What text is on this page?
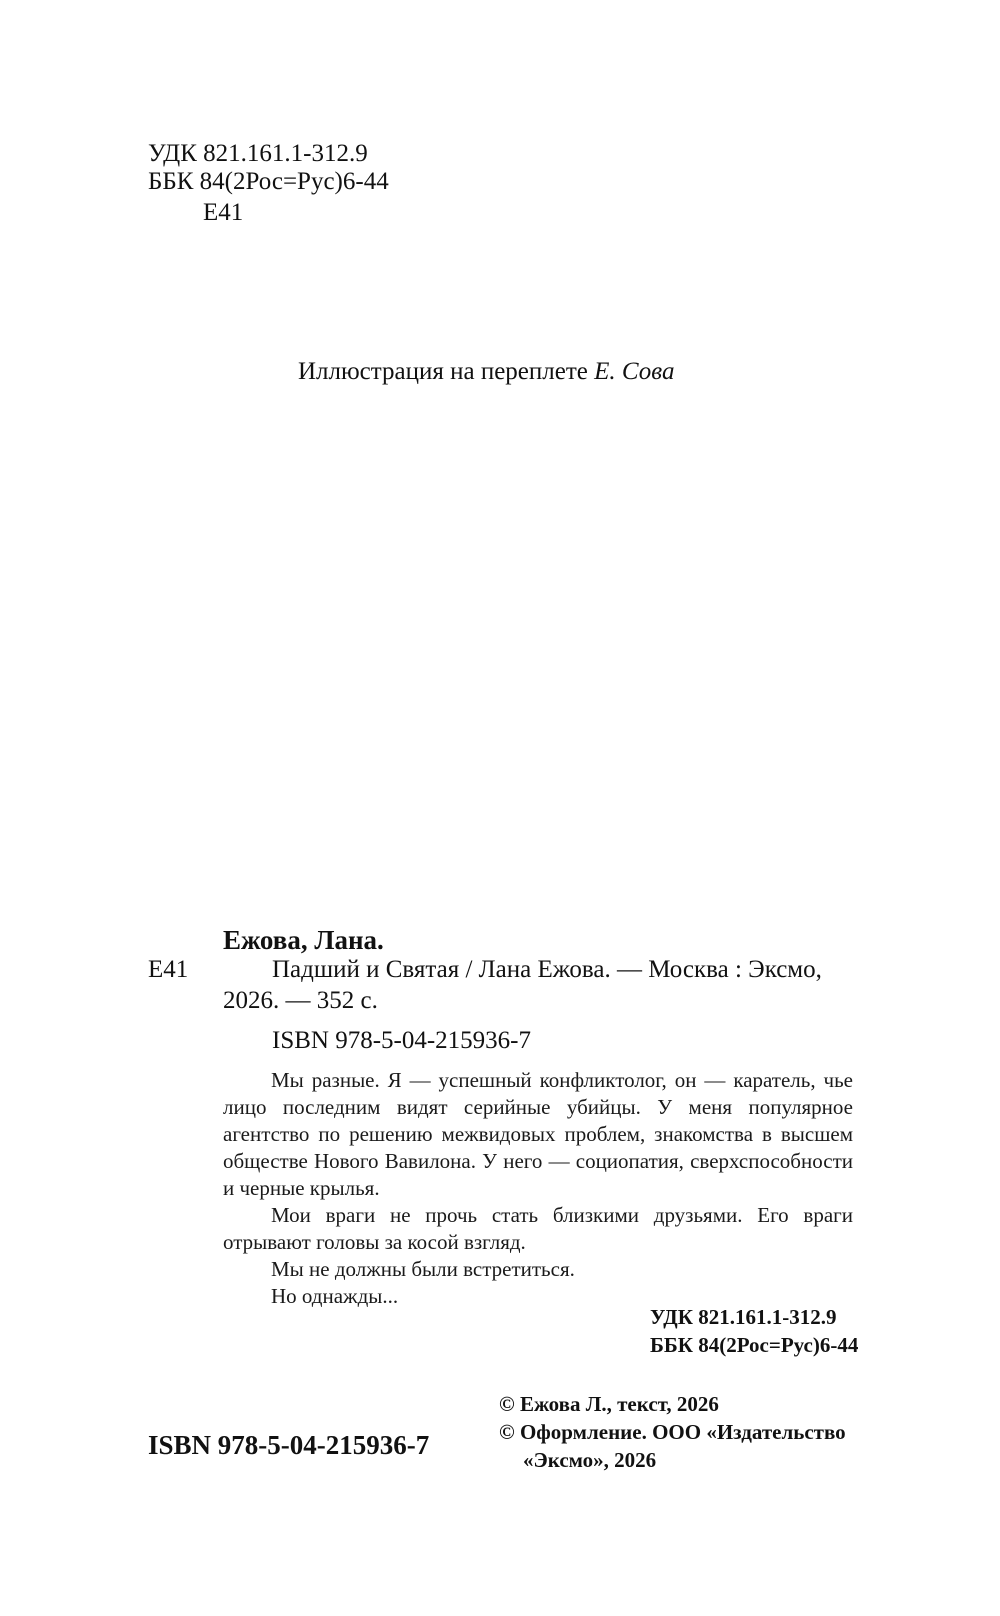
УДК 821.161.1-312.9
ББК 84(2Рос=Рус)6-44
Е41
Иллюстрация на переплете Е. Сова
Ежова, Лана.
Е41	Падший и Святая / Лана Ежова. — Москва : Эксмо,
2026. — 352 с.
ISBN 978-5-04-215936-7

Мы разные. Я — успешный конфликтолог, он — каратель, чье лицо последним видят серийные убийцы. У меня популярное агентство по решению межвидовых проблем, знакомства в высшем обществе Нового Вавилона. У него — социопатия, сверхспособности и черные крылья.

Мои враги не прочь стать близкими друзьями. Его враги отрывают головы за косой взгляд.

Мы не должны были встретиться.

Но однажды...

УДК 821.161.1-312.9
ББК 84(2Рос=Рус)6-44
© Ежова Л., текст, 2026
© Оформление. ООО «Издательство
«Эксмо», 2026
ISBN 978-5-04-215936-7
